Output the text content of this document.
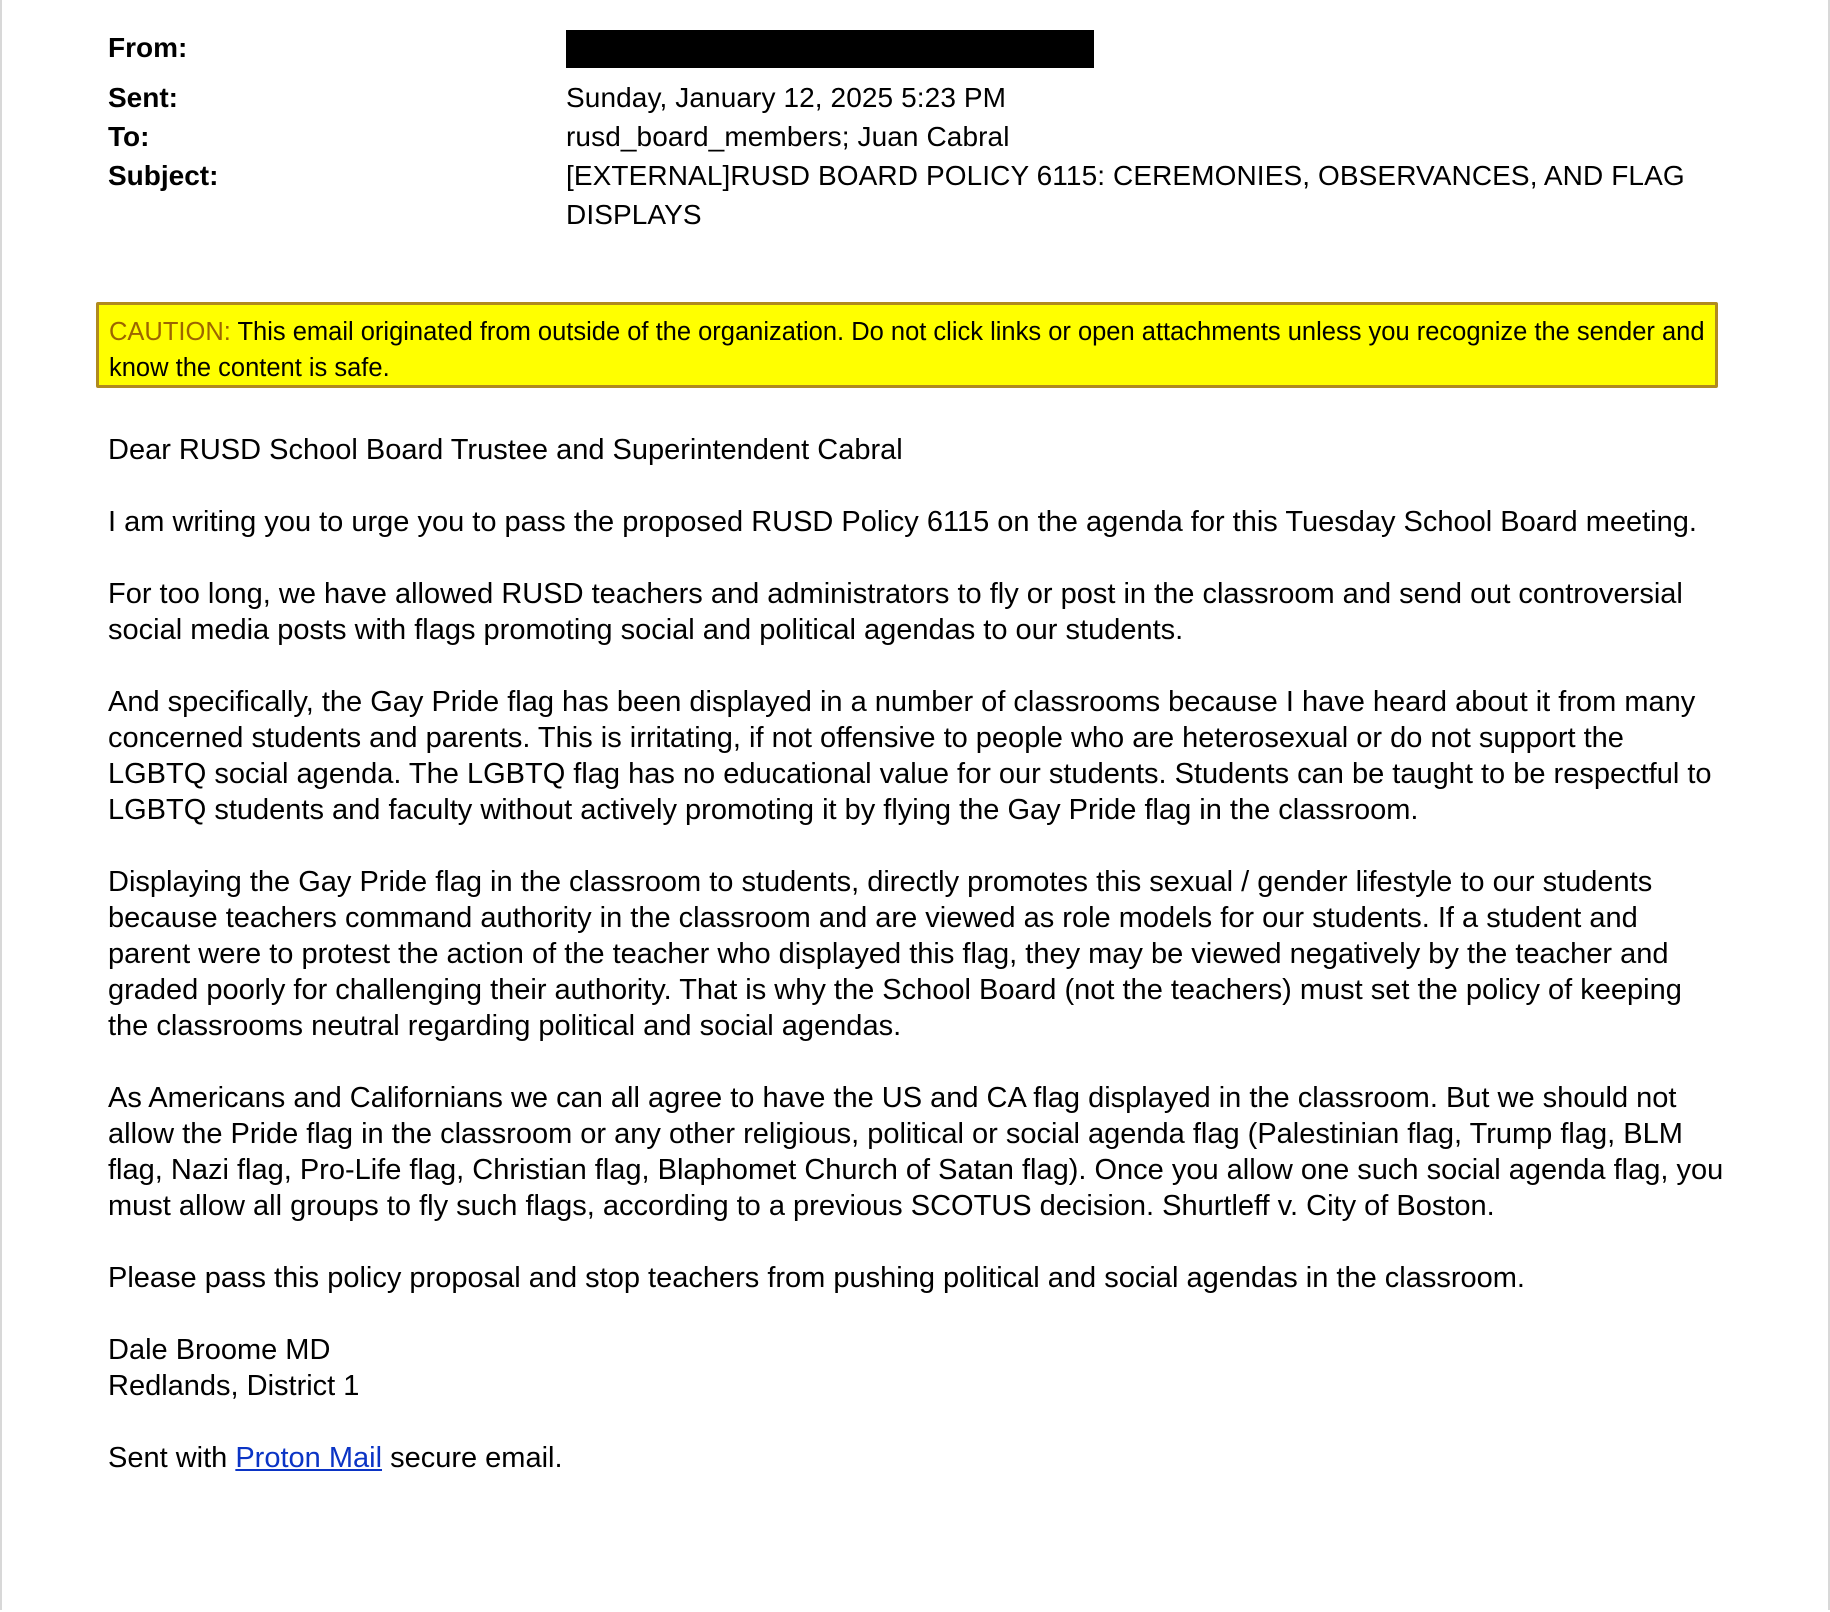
From:
Sent:	Sunday, January 12, 2025 5:23 PM
To:	rusd_board_members; Juan Cabral
Subject:	[EXTERNAL]RUSD BOARD POLICY 6115: CEREMONIES, OBSERVANCES, AND FLAG DISPLAYS
CAUTION: This email originated from outside of the organization. Do not click links or open attachments unless you recognize the sender and know the content is safe.

Dear RUSD School Board Trustee and Superintendent Cabral

I am writing you to urge you to pass the proposed RUSD Policy 6115 on the agenda for this Tuesday School Board meeting.

For too long, we have allowed RUSD teachers and administrators to fly or post in the classroom and send out controversial social media posts with flags promoting social and political agendas to our students.

And specifically, the Gay Pride flag has been displayed in a number of classrooms because I have heard about it from many concerned students and parents. This is irritating, if not offensive to people who are heterosexual or do not support the LGBTQ social agenda. The LGBTQ flag has no educational value for our students. Students can be taught to be respectful to LGBTQ students and faculty without actively promoting it by flying the Gay Pride flag in the classroom.

Displaying the Gay Pride flag in the classroom to students, directly promotes this sexual / gender lifestyle to our students because teachers command authority in the classroom and are viewed as role models for our students. If a student and parent were to protest the action of the teacher who displayed this flag, they may be viewed negatively by the teacher and graded poorly for challenging their authority. That is why the School Board (not the teachers) must set the policy of keeping the classrooms neutral regarding political and social agendas.

As Americans and Californians we can all agree to have the US and CA flag displayed in the classroom. But we should not allow the Pride flag in the classroom or any other religious, political or social agenda flag (Palestinian flag, Trump flag, BLM flag, Nazi flag, Pro-Life flag, Christian flag, Blaphomet Church of Satan flag). Once you allow one such social agenda flag, you must allow all groups to fly such flags, according to a previous SCOTUS decision. Shurtleff v. City of Boston.

Please pass this policy proposal and stop teachers from pushing political and social agendas in the classroom.

Dale Broome MD
Redlands, District 1

Sent with Proton Mail secure email.
